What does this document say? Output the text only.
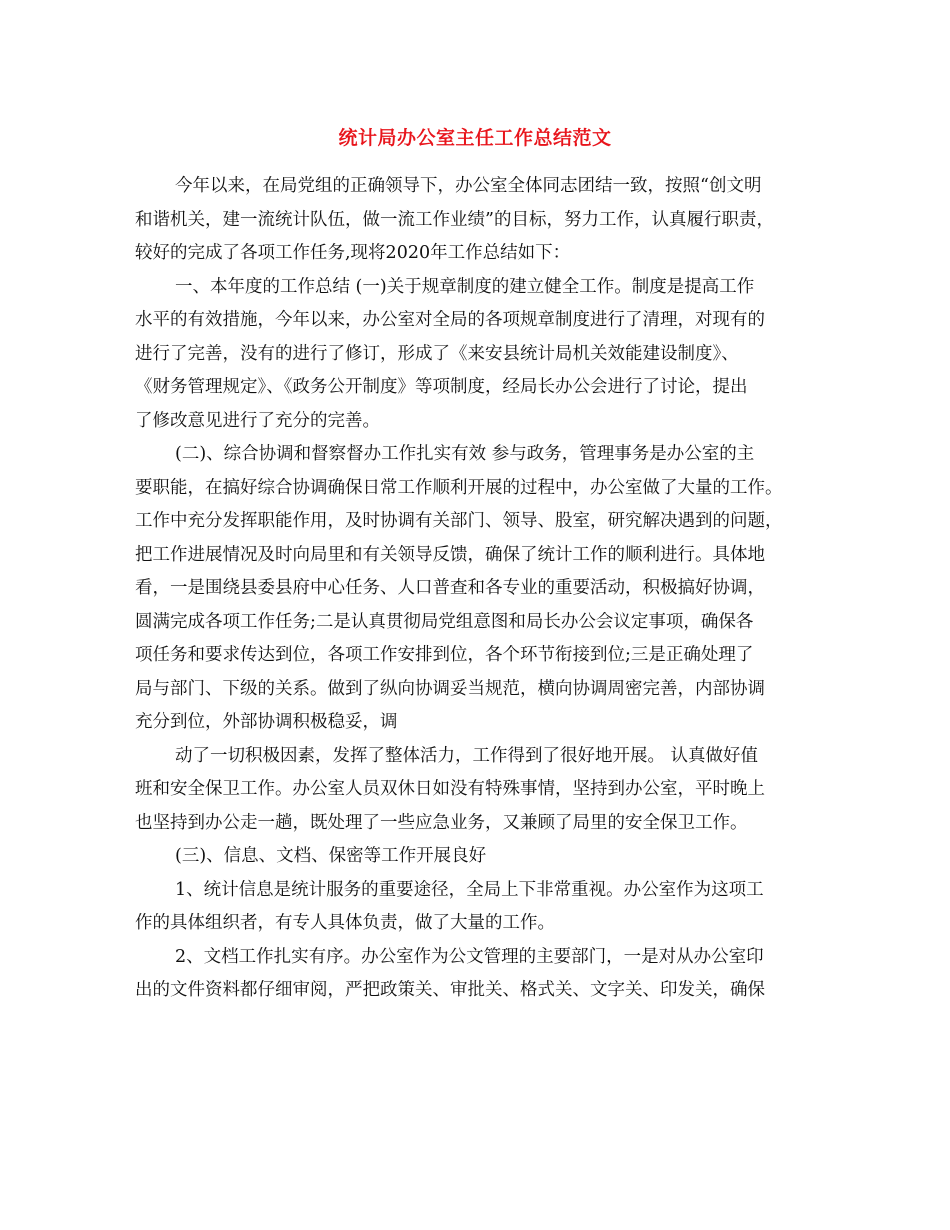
统计局办公室主任工作总结范文
今年以来，在局党组的正确领导下，办公室全体同志团结一致，按照“创文明
和谐机关，建一流统计队伍，做一流工作业绩”的目标，努力工作，认真履行职责，
较好的完成了各项工作任务,现将2020年工作总结如下：
一、本年度的工作总结 (一)关于规章制度的建立健全工作。制度是提高工作
水平的有效措施，今年以来，办公室对全局的各项规章制度进行了清理，对现有的
进行了完善，没有的进行了修订，形成了《来安县统计局机关效能建设制度》、
《财务管理规定》、《政务公开制度》等项制度，经局长办公会进行了讨论，提出
了修改意见进行了充分的完善。
(二)、综合协调和督察督办工作扎实有效 参与政务，管理事务是办公室的主
要职能，在搞好综合协调确保日常工作顺利开展的过程中，办公室做了大量的工作。
工作中充分发挥职能作用，及时协调有关部门、领导、股室，研究解决遇到的问题，
把工作进展情况及时向局里和有关领导反馈，确保了统计工作的顺利进行。具体地
看，一是围绕县委县府中心任务、人口普查和各专业的重要活动，积极搞好协调，
圆满完成各项工作任务;二是认真贯彻局党组意图和局长办公会议定事项，确保各
项任务和要求传达到位，各项工作安排到位，各个环节衔接到位;三是正确处理了
局与部门、下级的关系。做到了纵向协调妥当规范，横向协调周密完善，内部协调
充分到位，外部协调积极稳妥，调
动了一切积极因素，发挥了整体活力，工作得到了很好地开展。 认真做好值
班和安全保卫工作。办公室人员双休日如没有特殊事情，坚持到办公室，平时晚上
也坚持到办公走一趟，既处理了一些应急业务，又兼顾了局里的安全保卫工作。
(三)、信息、文档、保密等工作开展良好
1、统计信息是统计服务的重要途径，全局上下非常重视。办公室作为这项工
作的具体组织者，有专人具体负责，做了大量的工作。
2、文档工作扎实有序。办公室作为公文管理的主要部门，一是对从办公室印
出的文件资料都仔细审阅，严把政策关、审批关、格式关、文字关、印发关，确保
